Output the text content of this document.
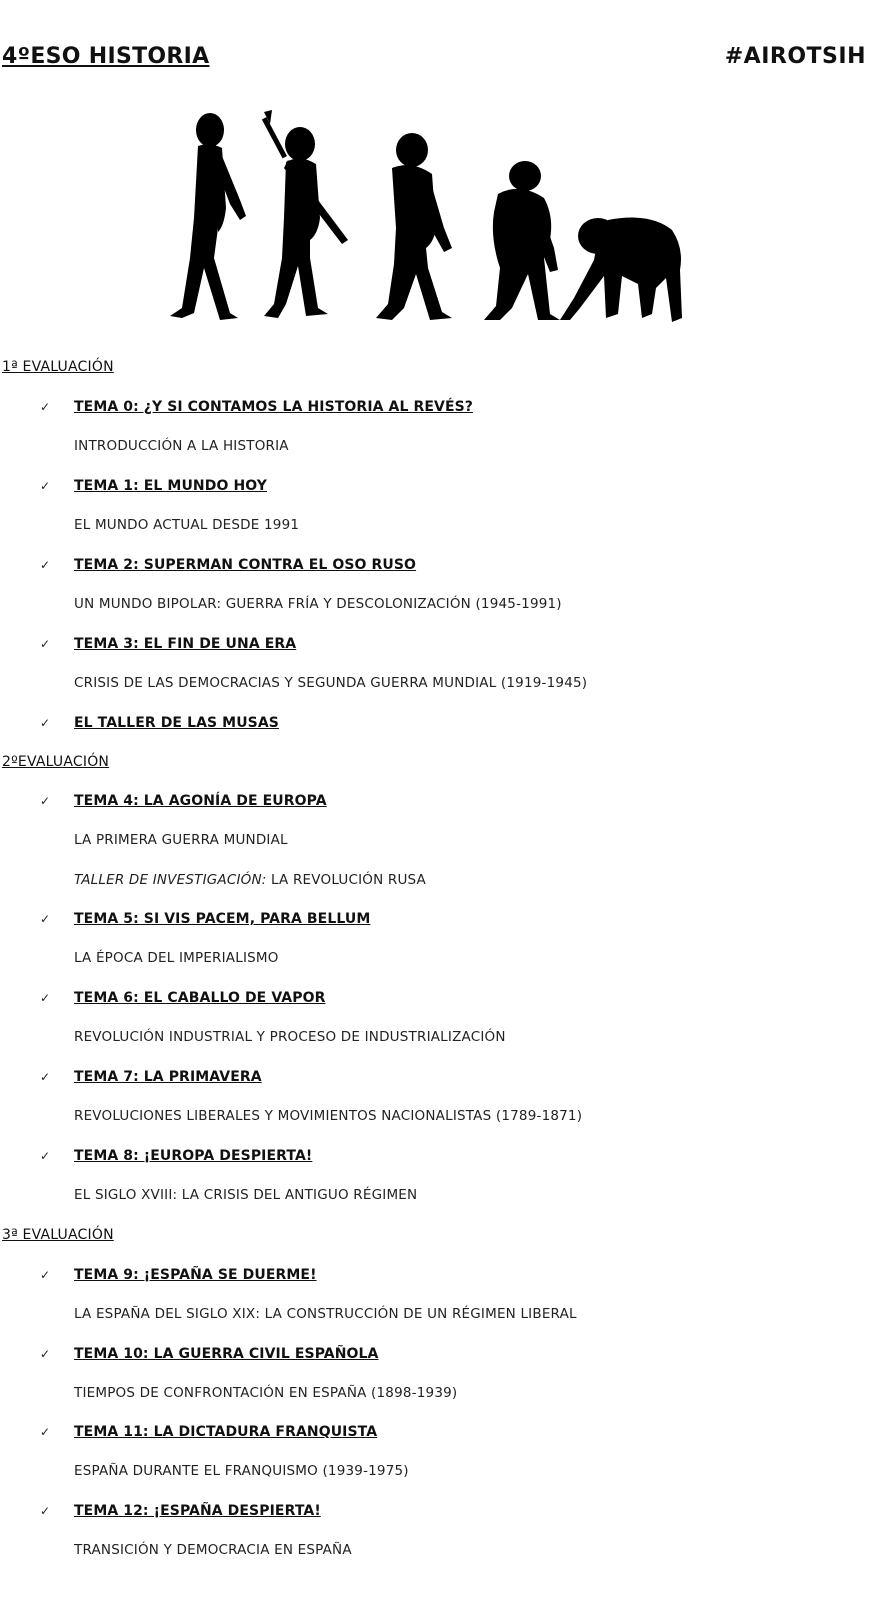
4ºESO HISTORIA	#AIROTSIH
1ª EVALUACIÓN
✓ TEMA 0: ¿Y SI CONTAMOS LA HISTORIA AL REVÉS?
INTRODUCCIÓN A LA HISTORIA
✓ TEMA 1: EL MUNDO HOY
EL MUNDO ACTUAL DESDE 1991
✓ TEMA 2: SUPERMAN CONTRA EL OSO RUSO
UN MUNDO BIPOLAR: GUERRA FRÍA Y DESCOLONIZACIÓN (1945-1991)
✓ TEMA 3: EL FIN DE UNA ERA
CRISIS DE LAS DEMOCRACIAS Y SEGUNDA GUERRA MUNDIAL (1919-1945)
✓ EL TALLER DE LAS MUSAS
2ºEVALUACIÓN
✓ TEMA 4: LA AGONÍA DE EUROPA
LA PRIMERA GUERRA MUNDIAL
TALLER DE INVESTIGACIÓN: LA REVOLUCIÓN RUSA
✓ TEMA 5: SI VIS PACEM, PARA BELLUM
LA ÉPOCA DEL IMPERIALISMO
✓ TEMA 6: EL CABALLO DE VAPOR
REVOLUCIÓN INDUSTRIAL Y PROCESO DE INDUSTRIALIZACIÓN
✓ TEMA 7: LA PRIMAVERA
REVOLUCIONES LIBERALES Y MOVIMIENTOS NACIONALISTAS (1789-1871)
✓ TEMA 8: ¡EUROPA DESPIERTA!
EL SIGLO XVIII: LA CRISIS DEL ANTIGUO RÉGIMEN
3ª EVALUACIÓN
✓ TEMA 9: ¡ESPAÑA SE DUERME!
LA ESPAÑA DEL SIGLO XIX: LA CONSTRUCCIÓN DE UN RÉGIMEN LIBERAL
✓ TEMA 10: LA GUERRA CIVIL ESPAÑOLA
TIEMPOS DE CONFRONTACIÓN EN ESPAÑA (1898-1939)
✓ TEMA 11: LA DICTADURA FRANQUISTA
ESPAÑA DURANTE EL FRANQUISMO (1939-1975)
✓ TEMA 12: ¡ESPAÑA DESPIERTA!
TRANSICIÓN Y DEMOCRACIA EN ESPAÑA
